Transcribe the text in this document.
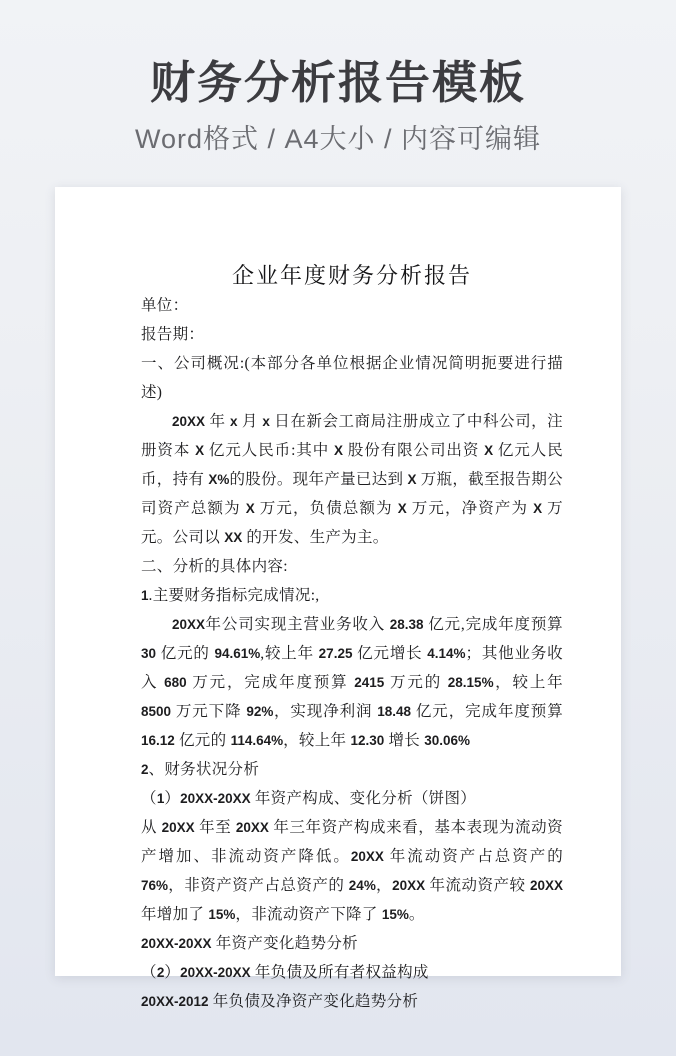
财务分析报告模板

Word格式 / A4大小 / 内容可编辑

企业年度财务分析报告

单位：

报告期：

一、公司概况:(本部分各单位根据企业情况简明扼要进行描述)

20XX 年 x 月 x 日在新会工商局注册成立了中科公司，注册资本 X 亿元人民币:其中 X 股份有限公司出资 X 亿元人民币，持有 X%的股份。现年产量已达到 X 万瓶，截至报告期公司资产总额为 X 万元，负债总额为 X 万元，净资产为 X 万元。公司以 XX 的开发、生产为主。

二、分析的具体内容:

1.主要财务指标完成情况:,

20XX年公司实现主营业务收入 28.38 亿元,完成年度预算 30 亿元的 94.61%,较上年 27.25 亿元增长 4.14%；其他业务收入 680 万元，完成年度预算 2415 万元的 28.15%，较上年 8500 万元下降 92%，实现净利润 18.48 亿元，完成年度预算 16.12 亿元的 114.64%，较上年 12.30 增长 30.06%

2、财务状况分析

（1）20XX-20XX 年资产构成、变化分析（饼图）

从 20XX 年至 20XX 年三年资产构成来看，基本表现为流动资产增加、非流动资产降低。20XX 年流动资产占总资产的 76%，非资产资产占总资产的 24%，20XX 年流动资产较 20XX 年增加了 15%，非流动资产下降了 15%。

20XX-20XX 年资产变化趋势分析

（2）20XX-20XX 年负债及所有者权益构成

20XX-2012 年负债及净资产变化趋势分析
